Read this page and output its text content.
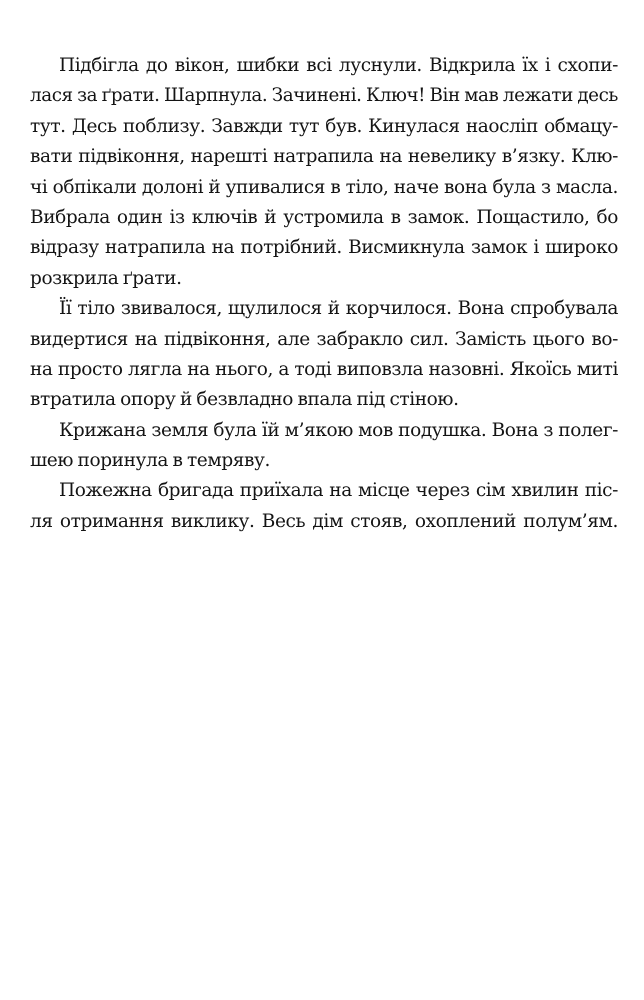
Підбігла до вікон, шибки всі луснули. Відкрила їх і схопи-
лася за ґрати. Шарпнула. Зачинені. Ключ! Він мав лежати десь
тут. Десь поблизу. Завжди тут був. Кинулася наосліп обмацу-
вати підвіконня, нарешті натрапила на невелику в’язку. Клю-
чі обпікали долоні й упивалися в тіло, наче вона була з масла.
Вибрала один із ключів й устромила в замок. Пощастило, бо
відразу натрапила на потрібний. Висмикнула замок і широко
розкрила ґрати.
Її тіло звивалося, щулилося й корчилося. Вона спробувала
видертися на підвіконня, але забракло сил. Замість цього во-
на просто лягла на нього, а тоді виповзла назовні. Якоїсь миті
втратила опору й безвладно впала під стіною.
Крижана земля була їй м’якою мов подушка. Вона з полег-
шею поринула в темряву.
Пожежна бригада приїхала на місце через сім хвилин піс-
ля отримання виклику. Весь дім стояв, охоплений полум’ям.
